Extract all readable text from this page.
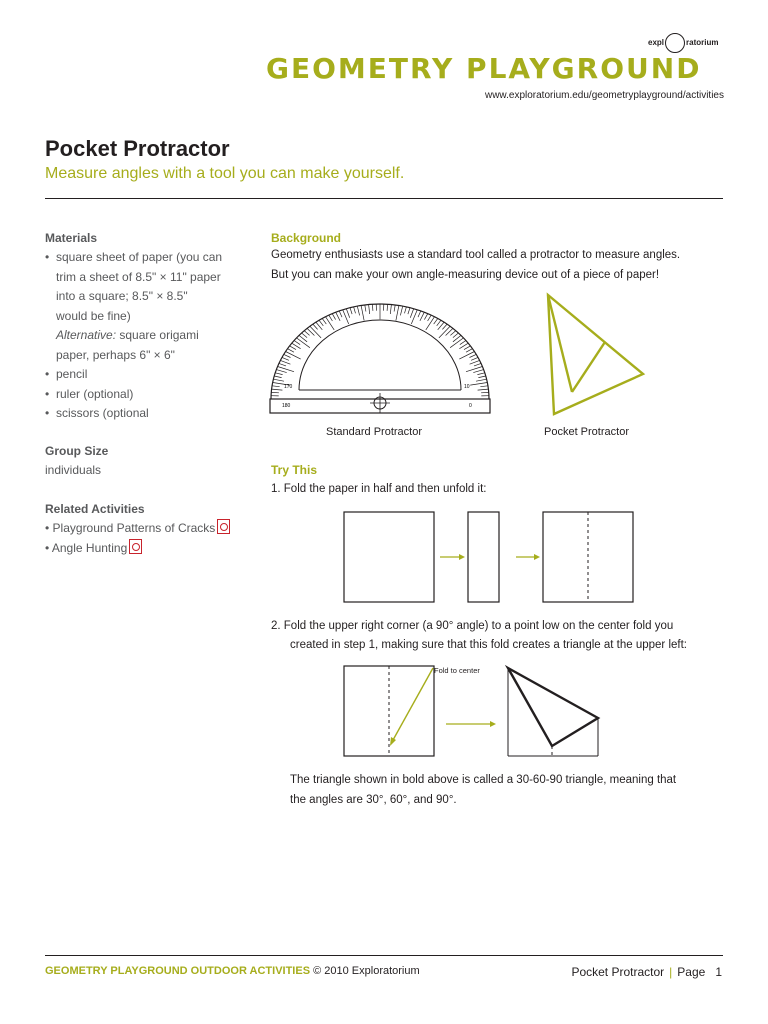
expl	ratorium
GEOMETRY PLAYGROUND
www.exploratorium.edu/geometryplayground/activities
Pocket Protractor
Measure angles with a tool you can make yourself.
Materials
• square sheet of paper (you can
trim a sheet of 8.5" × 11" paper
into a square; 8.5" × 8.5"
would be fine)
Alternative: square origami
paper, perhaps 6" × 6"
• pencil
• ruler (optional)
• scissors (optional
Group Size
individuals
Related Activities
• Playground Patterns of Cracks
• Angle Hunting
Background
Geometry enthusiasts use a standard tool called a protractor to measure angles.
But you can make your own angle-measuring device out of a piece of paper!
180
170
0
10
Standard Protractor	Pocket Protractor
Try This
1. Fold the paper in half and then unfold it:
2. Fold the upper right corner (a 90° angle) to a point low on the center fold you
created in step 1, making sure that this fold creates a triangle at the upper left:
Fold to center
The triangle shown in bold above is called a 30-60-90 triangle, meaning that
the angles are 30°, 60°, and 90°.
GEOMETRY PLAYGROUND OUTDOOR ACTIVITIES © 2010 Exploratorium	Pocket Protractor | Page 1
